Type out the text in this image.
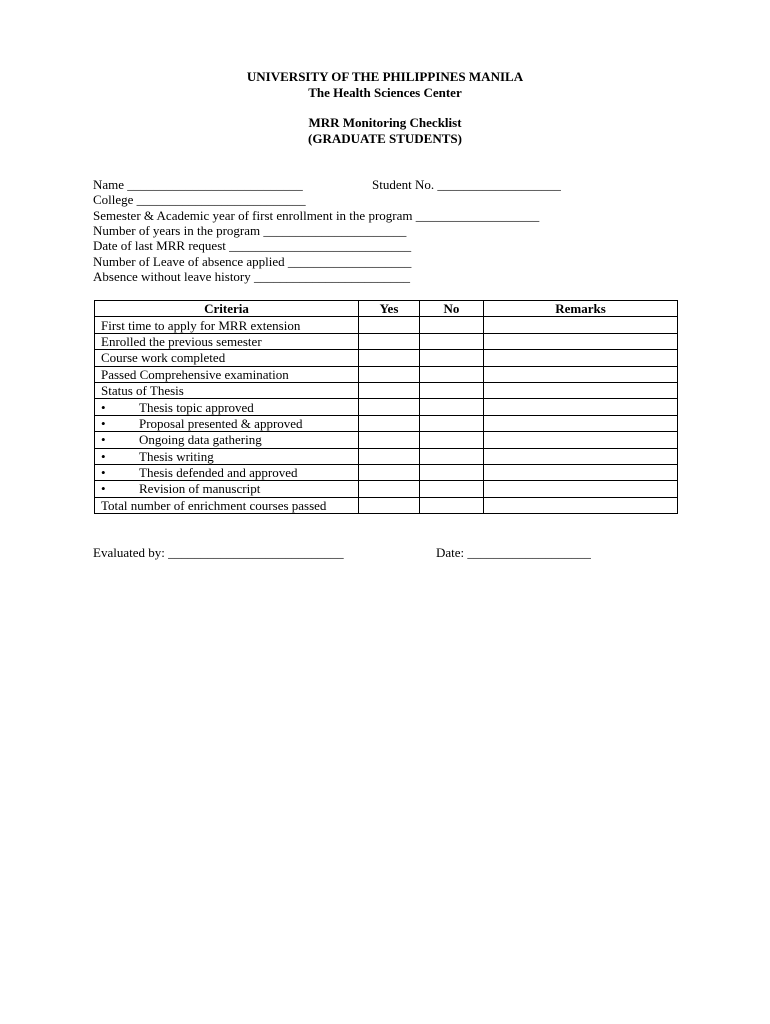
UNIVERSITY OF THE PHILIPPINES MANILA
The Health Sciences Center
MRR Monitoring Checklist
(GRADUATE STUDENTS)
Name ___________________________	Student No. ___________________
College __________________________
Semester & Academic year of first enrollment in the program ___________________
Number of years in the program ______________________
Date of last MRR request ____________________________
Number of Leave of absence applied ___________________
Absence without leave history ________________________
Criteria	Yes	No	Remarks
First time to apply for MRR extension			
Enrolled the previous semester			
Course work completed			
Passed Comprehensive examination			
Status of Thesis			
• Thesis topic approved			
• Proposal presented & approved			
• Ongoing data gathering			
• Thesis writing			
• Thesis defended and approved			
• Revision of manuscript			
Total number of enrichment courses passed			
Evaluated by: ___________________________	Date: ___________________
